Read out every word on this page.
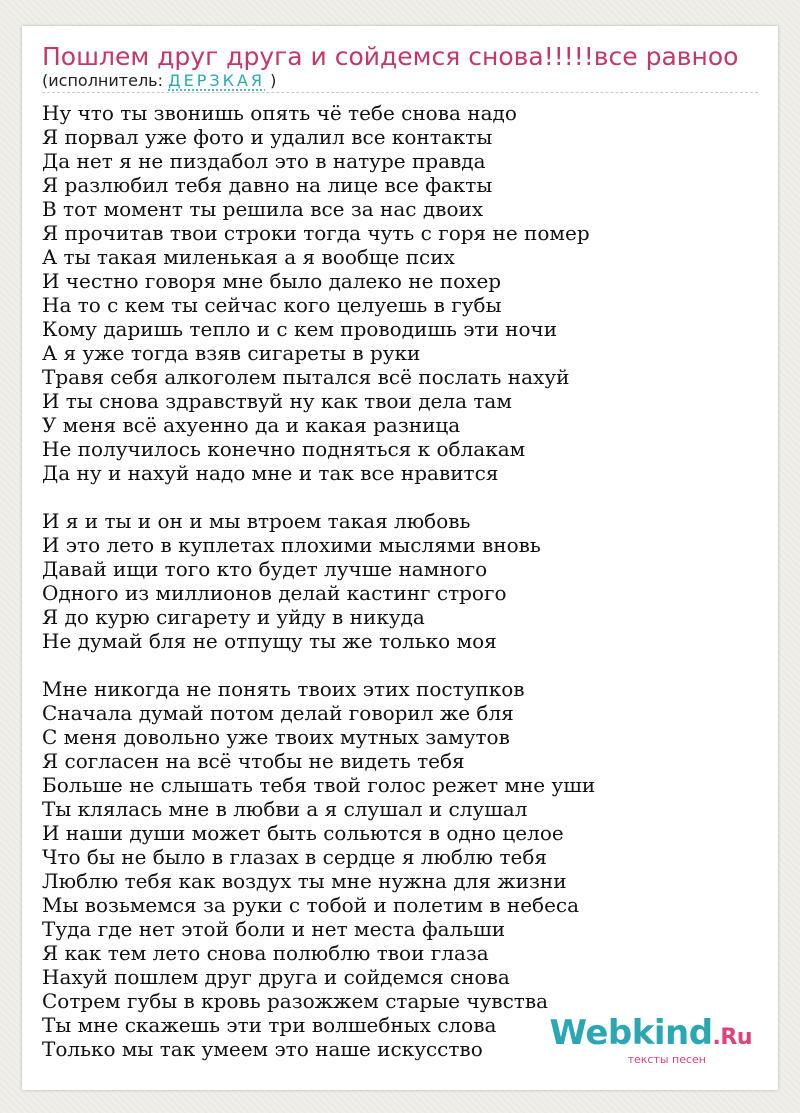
Пошлем друг друга и сойдемся снова!!!!!все равноо
(исполнитель: ДЕРЗКАЯ )
Ну что ты звонишь опять чё тебе снова надо
Я порвал уже фото и удалил все контакты
Да нет я не пиздабол это в натуре правда
Я разлюбил тебя давно на лице все факты
В тот момент ты решила все за нас двоих
Я прочитав твои строки тогда чуть с горя не помер
А ты такая миленькая а я вообще псих
И честно говоря мне было далеко не похер
На то с кем ты сейчас кого целуешь в губы
Кому даришь тепло и с кем проводишь эти ночи
А я уже тогда взяв сигареты в руки
Травя себя алкоголем пытался всё послать нахуй
И ты снова здравствуй ну как твои дела там
У меня всё ахуенно да и какая разница
Не получилось конечно подняться к облакам
Да ну и нахуй надо мне и так все нравится
И я и ты и он и мы втроем такая любовь
И это лето в куплетах плохими мыслями вновь
Давай ищи того кто будет лучше намного
Одного из миллионов делай кастинг строго
Я до курю сигарету и уйду в никуда
Не думай бля не отпущу ты же только моя
Мне никогда не понять твоих этих поступков
Сначала думай потом делай говорил же бля
С меня довольно уже твоих мутных замутов
Я согласен на всё чтобы не видеть тебя
Больше не слышать тебя твой голос режет мне уши
Ты клялась мне в любви а я слушал и слушал
И наши души может быть сольются в одно целое
Что бы не было в глазах в сердце я люблю тебя
Люблю тебя как воздух ты мне нужна для жизни
Мы возьмемся за руки с тобой и полетим в небеса
Туда где нет этой боли и нет места фальши
Я как тем лето снова полюблю твои глаза
Нахуй пошлем друг друга и сойдемся снова
Сотрем губы в кровь разожжем старые чувства
Ты мне скажешь эти три волшебных слова
Только мы так умеем это наше искусство	Webkind.Ru
тексты песен
